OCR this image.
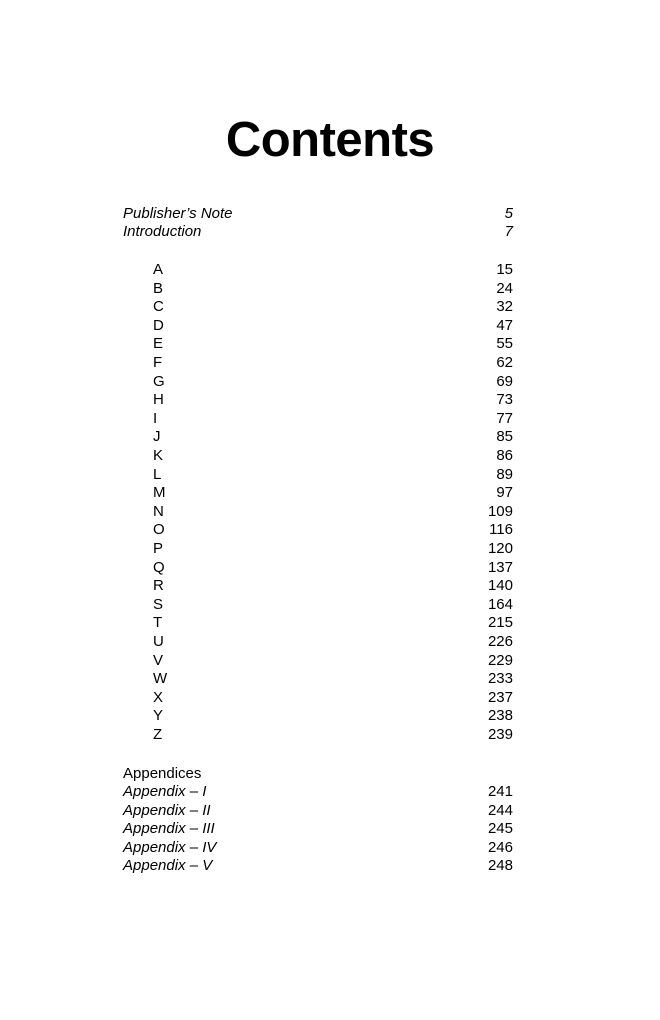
Contents
Publisher’s Note	5
Introduction	7
A	15
B	24
C	32
D	47
E	55
F	62
G	69
H	73
I	77
J	85
K	86
L	89
M	97
N	109
O	116
P	120
Q	137
R	140
S	164
T	215
U	226
V	229
W	233
X	237
Y	238
Z	239
Appendices
Appendix – I	241
Appendix – II	244
Appendix – III	245
Appendix – IV	246
Appendix – V	248
